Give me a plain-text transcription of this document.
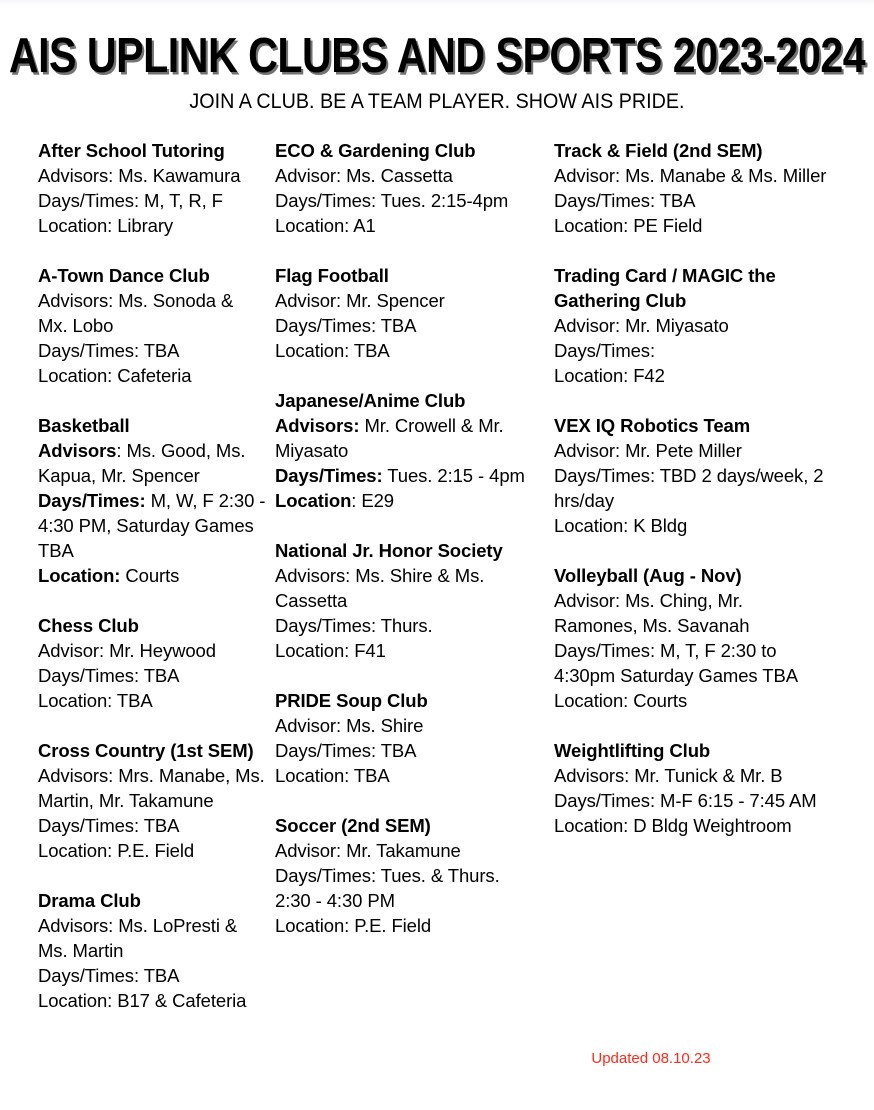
AIS UPLINK CLUBS AND SPORTS 2023-2024

JOIN A CLUB. BE A TEAM PLAYER. SHOW AIS PRIDE.

After School Tutoring
Advisors: Ms. Kawamura
Days/Times: M, T, R, F
Location: Library
A-Town Dance Club
Advisors: Ms. Sonoda & Mx. Lobo
Days/Times: TBA
Location: Cafeteria
Basketball
Advisors: Ms. Good, Ms. Kapua, Mr. Spencer
Days/Times: M, W, F 2:30 - 4:30 PM, Saturday Games TBA
Location: Courts
Chess Club
Advisor: Mr. Heywood
Days/Times: TBA
Location: TBA
Cross Country (1st SEM)
Advisors: Mrs. Manabe, Ms. Martin, Mr. Takamune
Days/Times: TBA
Location: P.E. Field
Drama Club
Advisors: Ms. LoPresti & Ms. Martin
Days/Times: TBA
Location: B17 & Cafeteria
ECO & Gardening Club
Advisor: Ms. Cassetta
Days/Times: Tues. 2:15-4pm
Location: A1
Flag Football
Advisor: Mr. Spencer
Days/Times: TBA
Location: TBA
Japanese/Anime Club
Advisors: Mr. Crowell & Mr. Miyasato
Days/Times: Tues. 2:15 - 4pm
Location: E29
National Jr. Honor Society
Advisors: Ms. Shire & Ms. Cassetta
Days/Times: Thurs.
Location: F41
PRIDE Soup Club
Advisor: Ms. Shire
Days/Times: TBA
Location: TBA
Soccer (2nd SEM)
Advisor: Mr. Takamune
Days/Times: Tues. & Thurs. 2:30 - 4:30 PM
Location: P.E. Field
Track & Field (2nd SEM)
Advisor: Ms. Manabe & Ms. Miller
Days/Times: TBA
Location: PE Field
Trading Card / MAGIC the Gathering Club
Advisor: Mr. Miyasato
Days/Times:
Location: F42
VEX IQ Robotics Team
Advisor: Mr. Pete Miller
Days/Times: TBD 2 days/week, 2 hrs/day
Location: K Bldg
Volleyball (Aug - Nov)
Advisor: Ms. Ching, Mr. Ramones, Ms. Savanah
Days/Times: M, T, F 2:30 to 4:30pm Saturday Games TBA
Location: Courts
Weightlifting Club
Advisors: Mr. Tunick & Mr. B
Days/Times: M-F 6:15 - 7:45 AM
Location: D Bldg Weightroom
Updated 08.10.23
